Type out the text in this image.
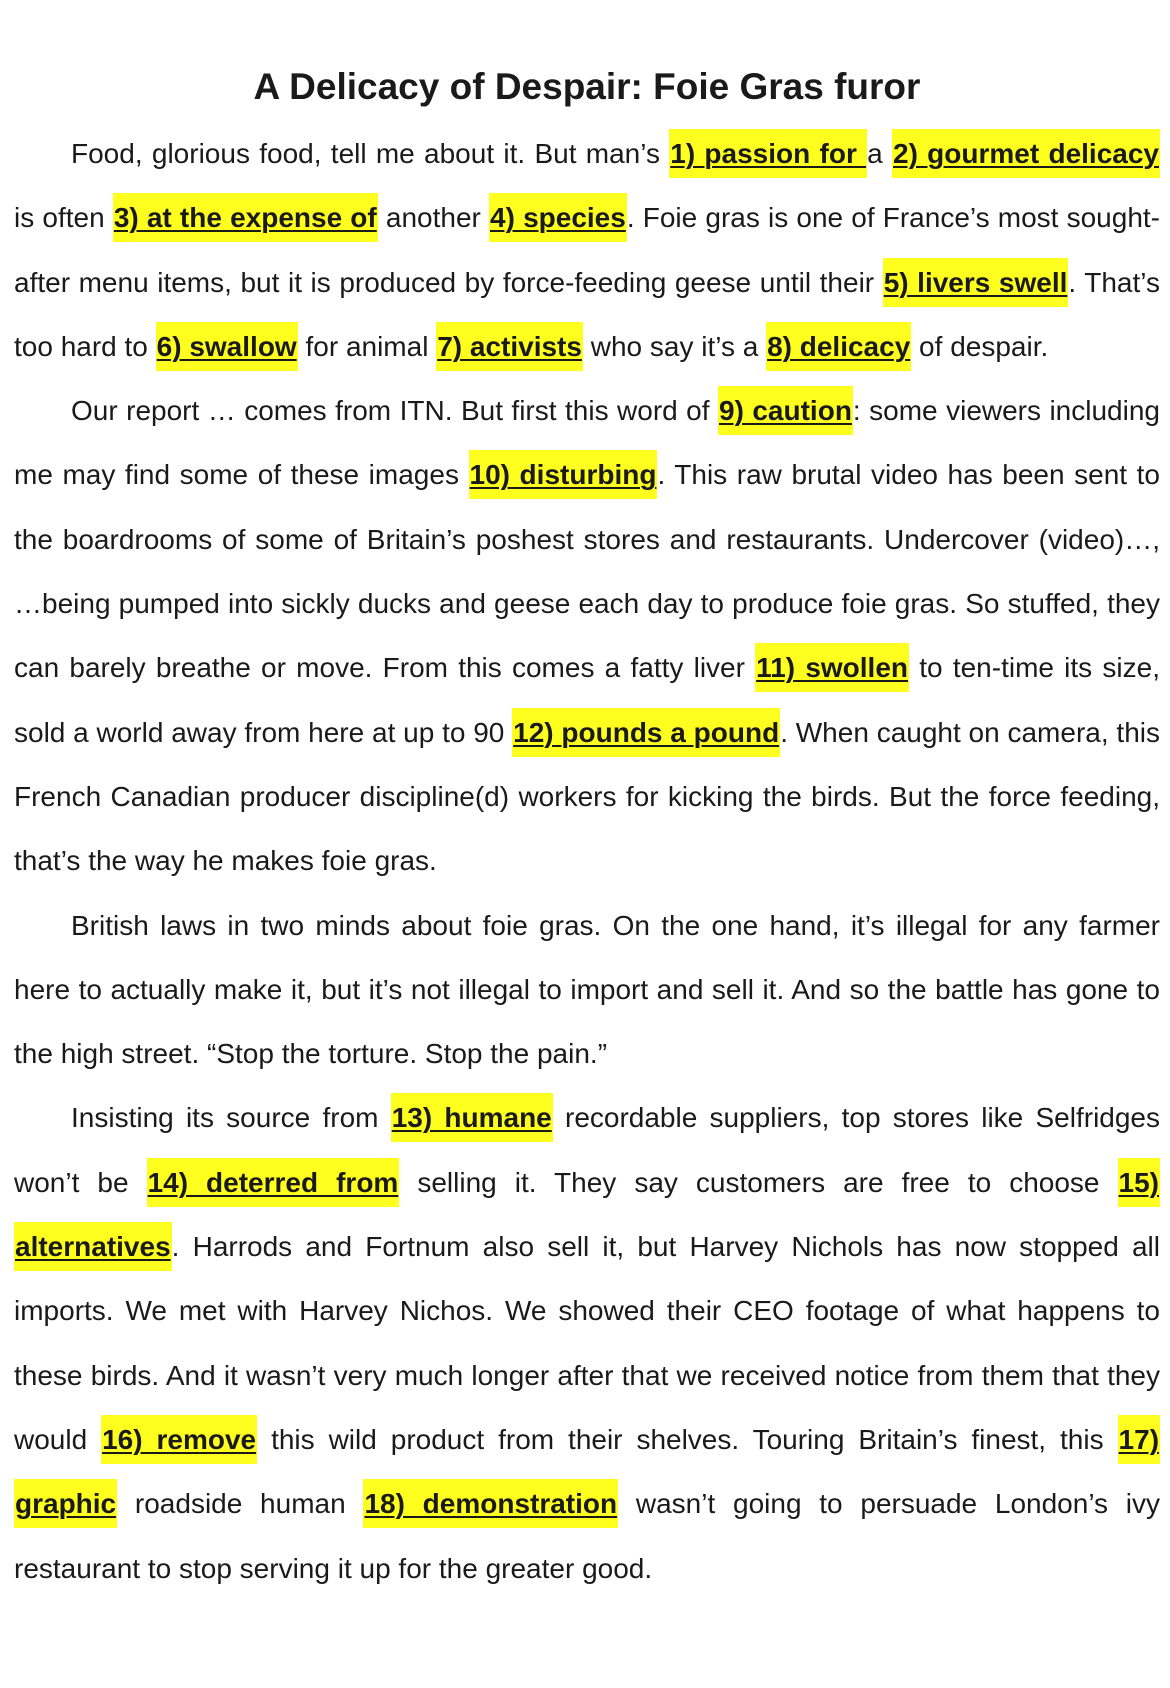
A Delicacy of Despair: Foie Gras furor

Food, glorious food, tell me about it. But man’s 1) passion for a 2) gourmet delicacy is often 3) at the expense of another 4) species. Foie gras is one of France’s most sought-after menu items, but it is produced by force-feeding geese until their 5) livers swell. That’s too hard to 6) swallow for animal 7) activists who say it’s a 8) delicacy of despair.

Our report … comes from ITN. But first this word of 9) caution: some viewers including me may find some of these images 10) disturbing. This raw brutal video has been sent to the boardrooms of some of Britain’s poshest stores and restaurants. Undercover (video)…, …being pumped into sickly ducks and geese each day to produce foie gras. So stuffed, they can barely breathe or move. From this comes a fatty liver 11) swollen to ten-time its size, sold a world away from here at up to 90 12) pounds a pound. When caught on camera, this French Canadian producer discipline(d) workers for kicking the birds. But the force feeding, that’s the way he makes foie gras.

British laws in two minds about foie gras. On the one hand, it’s illegal for any farmer here to actually make it, but it’s not illegal to import and sell it. And so the battle has gone to the high street. “Stop the torture. Stop the pain.”

Insisting its source from 13) humane recordable suppliers, top stores like Selfridges won’t be 14) deterred from selling it. They say customers are free to choose 15) alternatives. Harrods and Fortnum also sell it, but Harvey Nichols has now stopped all imports. We met with Harvey Nichos. We showed their CEO footage of what happens to these birds. And it wasn’t very much longer after that we received notice from them that they would 16) remove this wild product from their shelves. Touring Britain’s finest, this 17) graphic roadside human 18) demonstration wasn’t going to persuade London’s ivy restaurant to stop serving it up for the greater good.
